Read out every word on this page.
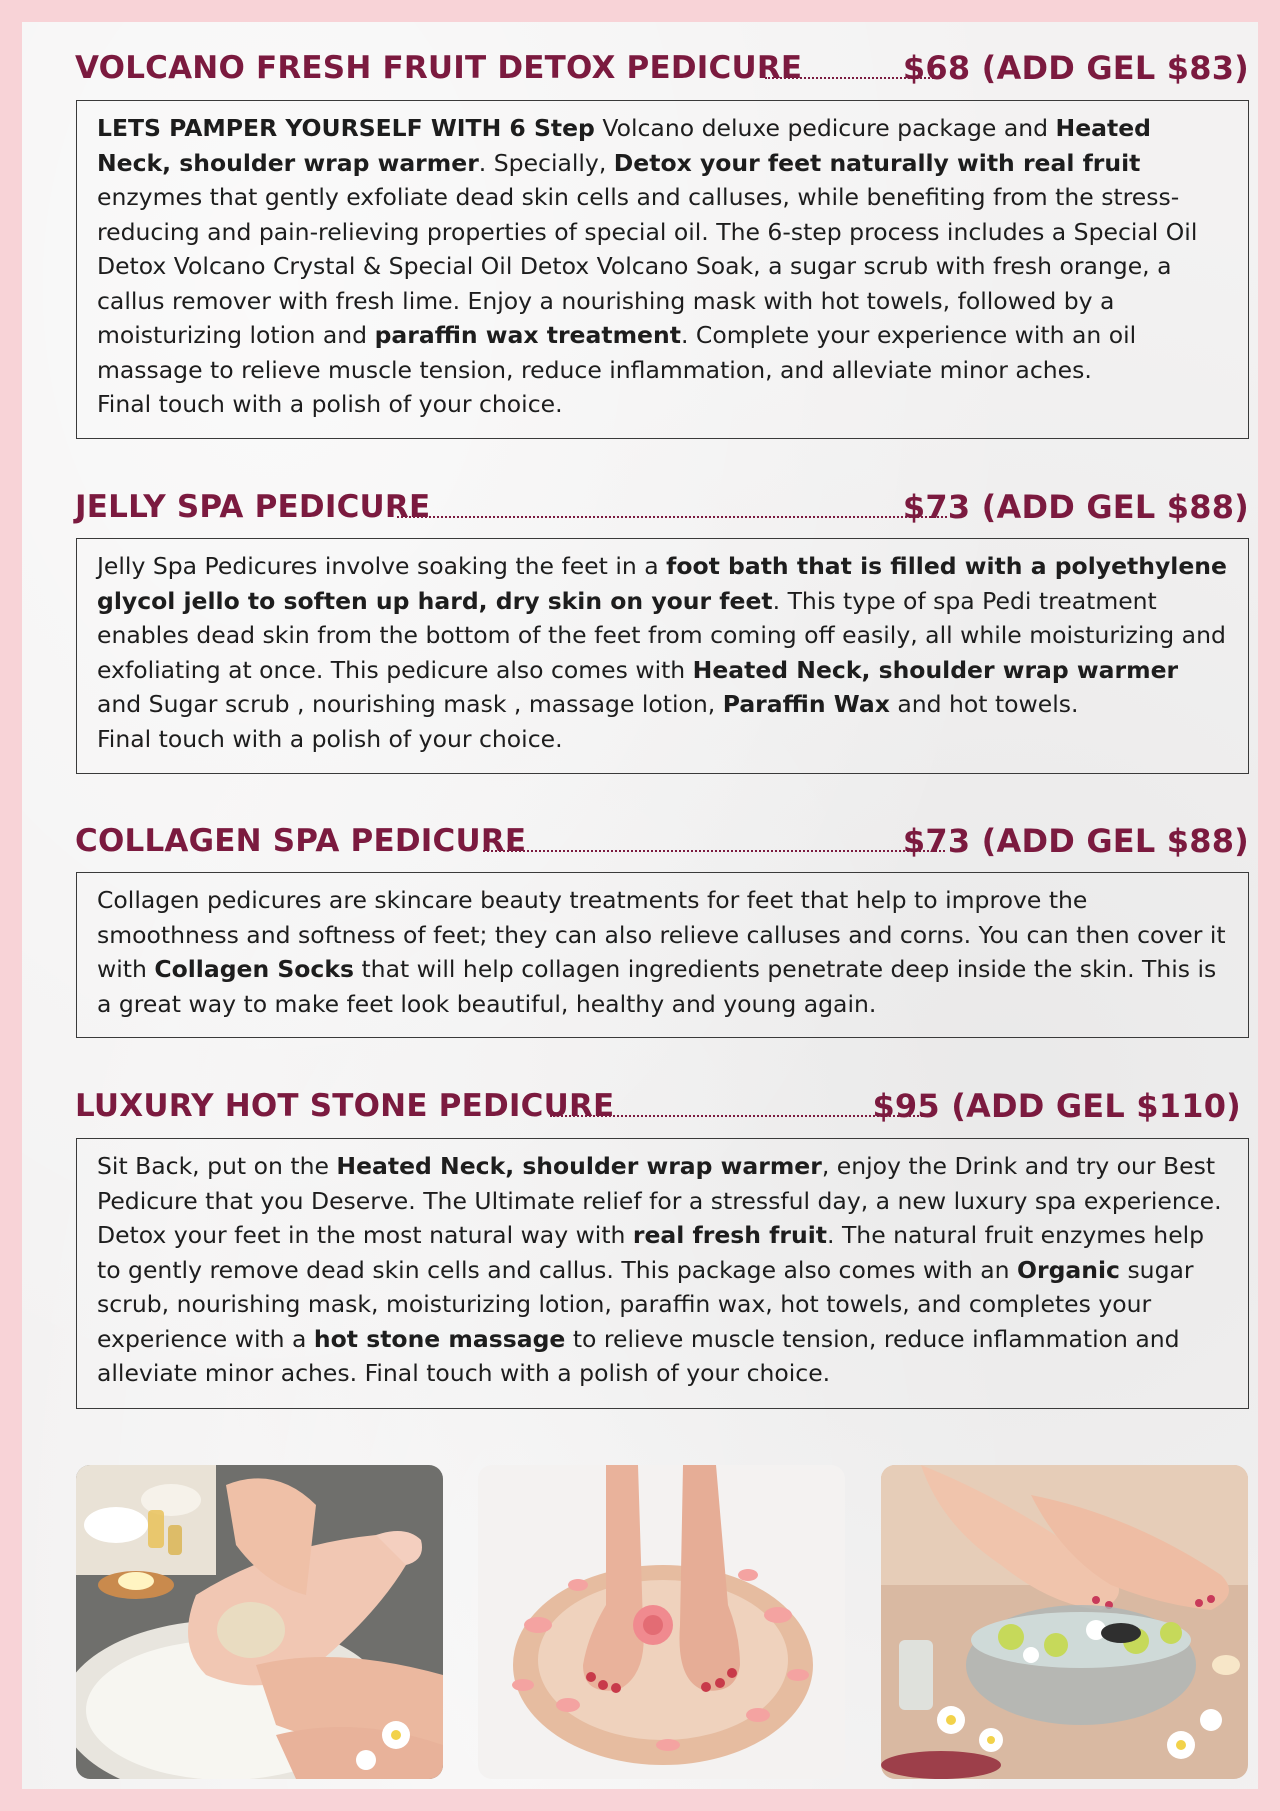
VOLCANO FRESH FRUIT DETOX PEDICURE	$68 (ADD GEL $83)

LETS PAMPER YOURSELF WITH 6 Step Volcano deluxe pedicure package and Heated Neck, shoulder wrap warmer. Specially, Detox your feet naturally with real fruit enzymes that gently exfoliate dead skin cells and calluses, while benefiting from the stress-reducing and pain-relieving properties of special oil. The 6-step process includes a Special Oil Detox Volcano Crystal & Special Oil Detox Volcano Soak, a sugar scrub with fresh orange, a callus remover with fresh lime. Enjoy a nourishing mask with hot towels, followed by a moisturizing lotion and paraffin wax treatment. Complete your experience with an oil massage to relieve muscle tension, reduce inflammation, and alleviate minor aches.

Final touch with a polish of your choice.

JELLY SPA PEDICURE	$73 (ADD GEL $88)

Jelly Spa Pedicures involve soaking the feet in a foot bath that is filled with a polyethylene glycol jello to soften up hard, dry skin on your feet. This type of spa Pedi treatment enables dead skin from the bottom of the feet from coming off easily, all while moisturizing and exfoliating at once. This pedicure also comes with Heated Neck, shoulder wrap warmer and Sugar scrub , nourishing mask , massage lotion, Paraffin Wax and hot towels.

Final touch with a polish of your choice.

COLLAGEN SPA PEDICURE	$73 (ADD GEL $88)

Collagen pedicures are skincare beauty treatments for feet that help to improve the smoothness and softness of feet; they can also relieve calluses and corns. You can then cover it with Collagen Socks that will help collagen ingredients penetrate deep inside the skin. This is a great way to make feet look beautiful, healthy and young again.

LUXURY HOT STONE PEDICURE	$95 (ADD GEL $110)

Sit Back, put on the Heated Neck, shoulder wrap warmer, enjoy the Drink and try our Best Pedicure that you Deserve. The Ultimate relief for a stressful day, a new luxury spa experience. Detox your feet in the most natural way with real fresh fruit. The natural fruit enzymes help to gently remove dead skin cells and callus. This package also comes with an Organic sugar scrub, nourishing mask, moisturizing lotion, paraffin wax, hot towels, and completes your experience with a hot stone massage to relieve muscle tension, reduce inflammation and alleviate minor aches. Final touch with a polish of your choice.
